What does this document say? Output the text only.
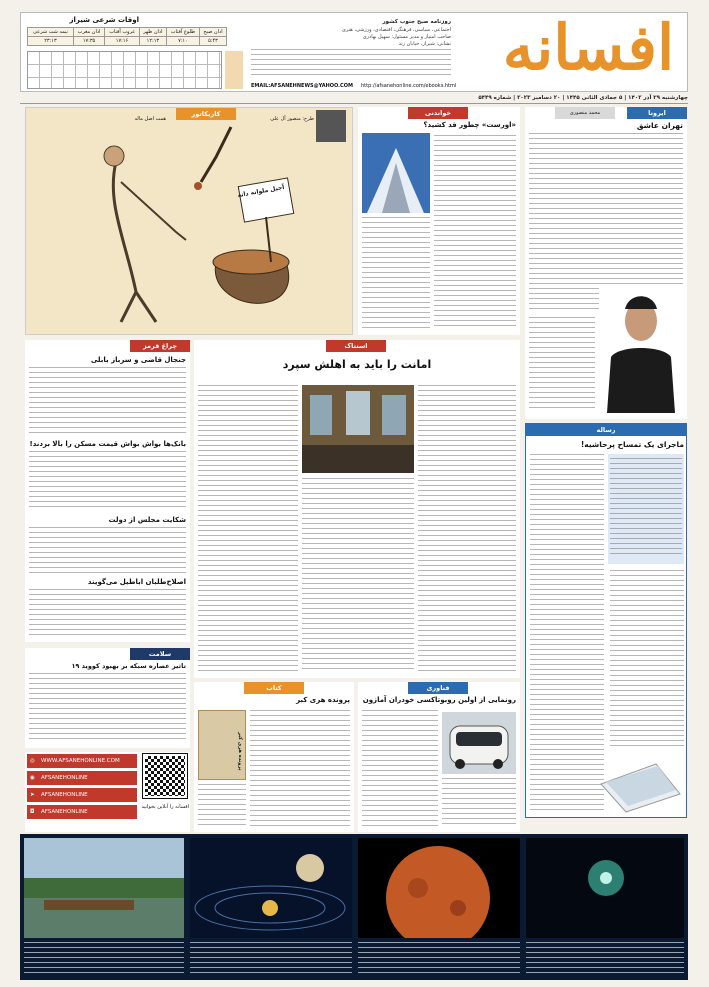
اوقات شرعی شیراز
نیمه شب شرعی	اذان مغرب	غروب آفتاب	اذان ظهر	طلوع آفتاب	اذان صبح
۲۳:۱۳	۱۷:۳۵	۱۷:۱۶	۱۲:۱۳	۷:۱۰	۵:۴۳
روزنامه صبح جنوب کشور
اجتماعی، سیاسی، فرهنگی، اقتصادی، ورزشی، هنری
صاحب امتیاز و مدیر مسئول: سهیل بهادری
نشانی: شیراز، خیابان زند
EMAIL:AFSANEHNEWS@YAHOO.COM http://afsanehonline.com/ebooks.html
افسانه
چهارشنبه ۲۹ آذر ۱۴۰۲ | ۵ جمادی الثانی ۱۴۴۵ | ۲۰ دسامبر ۲۰۲۳ | شماره ۵۴۴۹
کاریکاتور
همت اصل ماله
آجیل ملوانه دانه
طرح: منصور آل علی
خواندنی
«اورست» چطور قد کشید؟
ایرونا
محمد منصوری
تهران عاشق
چراغ قرمز
جنجال قاضی و سرباز بابلی
بانک‌ها بواش بواش قیمت مسکن را بالا بردند!
شکایت مجلس از دولت
اصلاح‌طلبان اباطیل می‌گویند
اسنتاک
امانت را باید به اهلش سپرد
رساله
ماجرای یک تمساح پرحاشیه!
سلامت
تاثیر عصاره سبکه بر بهبود کووید ۱۹
◎ WWW.AFSANEHONLINE.COM
◉ AFSANEHONLINE
➤ AFSANEHONLINE
◘ AFSANEHONLINE
افسانه را آنلاین بخوانید
کتاب
پرونده هری کبر
پرونده هری کبر
فناوری
رونمایی از اولین روبوتاکسی خودران آمازون
